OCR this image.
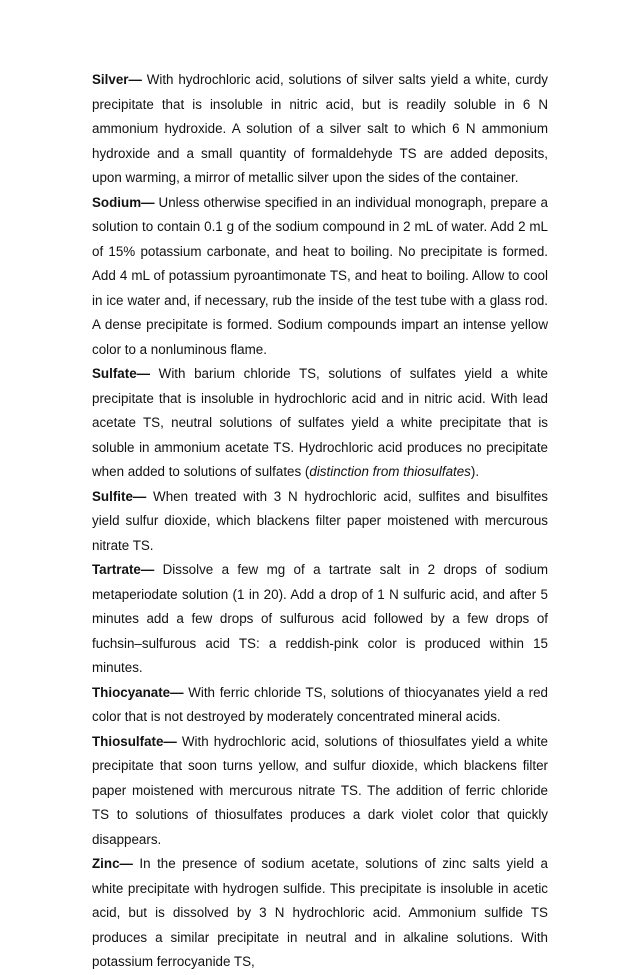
Silver— With hydrochloric acid, solutions of silver salts yield a white, curdy precipitate that is insoluble in nitric acid, but is readily soluble in 6 N ammonium hydroxide. A solution of a silver salt to which 6 N ammonium hydroxide and a small quantity of formaldehyde TS are added deposits, upon warming, a mirror of metallic silver upon the sides of the container.

Sodium— Unless otherwise specified in an individual monograph, prepare a solution to contain 0.1 g of the sodium compound in 2 mL of water. Add 2 mL of 15% potassium carbonate, and heat to boiling. No precipitate is formed. Add 4 mL of potassium pyroantimonate TS, and heat to boiling. Allow to cool in ice water and, if necessary, rub the inside of the test tube with a glass rod. A dense precipitate is formed. Sodium compounds impart an intense yellow color to a nonluminous flame.

Sulfate— With barium chloride TS, solutions of sulfates yield a white precipitate that is insoluble in hydrochloric acid and in nitric acid. With lead acetate TS, neutral solutions of sulfates yield a white precipitate that is soluble in ammonium acetate TS. Hydrochloric acid produces no precipitate when added to solutions of sulfates (distinction from thiosulfates).

Sulfite— When treated with 3 N hydrochloric acid, sulfites and bisulfites yield sulfur dioxide, which blackens filter paper moistened with mercurous nitrate TS.

Tartrate— Dissolve a few mg of a tartrate salt in 2 drops of sodium metaperiodate solution (1 in 20). Add a drop of 1 N sulfuric acid, and after 5 minutes add a few drops of sulfurous acid followed by a few drops of fuchsin–sulfurous acid TS: a reddish-pink color is produced within 15 minutes.

Thiocyanate— With ferric chloride TS, solutions of thiocyanates yield a red color that is not destroyed by moderately concentrated mineral acids.

Thiosulfate— With hydrochloric acid, solutions of thiosulfates yield a white precipitate that soon turns yellow, and sulfur dioxide, which blackens filter paper moistened with mercurous nitrate TS. The addition of ferric chloride TS to solutions of thiosulfates produces a dark violet color that quickly disappears.

Zinc— In the presence of sodium acetate, solutions of zinc salts yield a white precipitate with hydrogen sulfide. This precipitate is insoluble in acetic acid, but is dissolved by 3 N hydrochloric acid. Ammonium sulfide TS produces a similar precipitate in neutral and in alkaline solutions. With potassium ferrocyanide TS,
